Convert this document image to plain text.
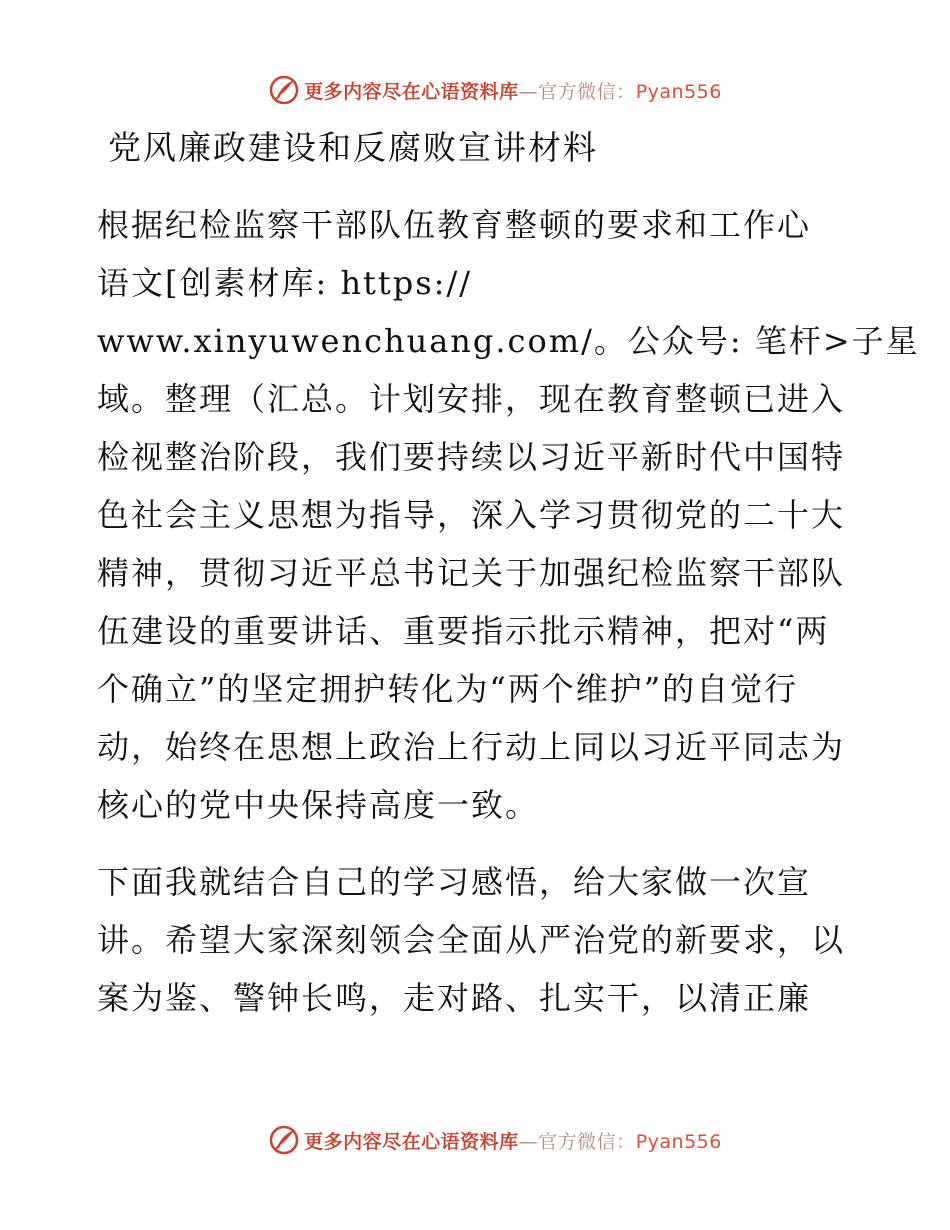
更多内容尽在心语资料库—官方微信：Pyan556
党风廉政建设和反腐败宣讲材料
根据纪检监察干部队伍教育整顿的要求和工作心
语文[创素材库: https://
www.xinyuwenchuang.com/。公众号: 笔杆>子星
域。整理（汇总。计划安排，现在教育整顿已进入
检视整治阶段，我们要持续以习近平新时代中国特
色社会主义思想为指导，深入学习贯彻党的二十大
精神，贯彻习近平总书记关于加强纪检监察干部队
伍建设的重要讲话、重要指示批示精神，把对“两
个确立”的坚定拥护转化为“两个维护”的自觉行
动，始终在思想上政治上行动上同以习近平同志为
核心的党中央保持高度一致。
下面我就结合自己的学习感悟，给大家做一次宣
讲。希望大家深刻领会全面从严治党的新要求，以
案为鉴、警钟长鸣，走对路、扎实干，以清正廉
更多内容尽在心语资料库—官方微信：Pyan556
